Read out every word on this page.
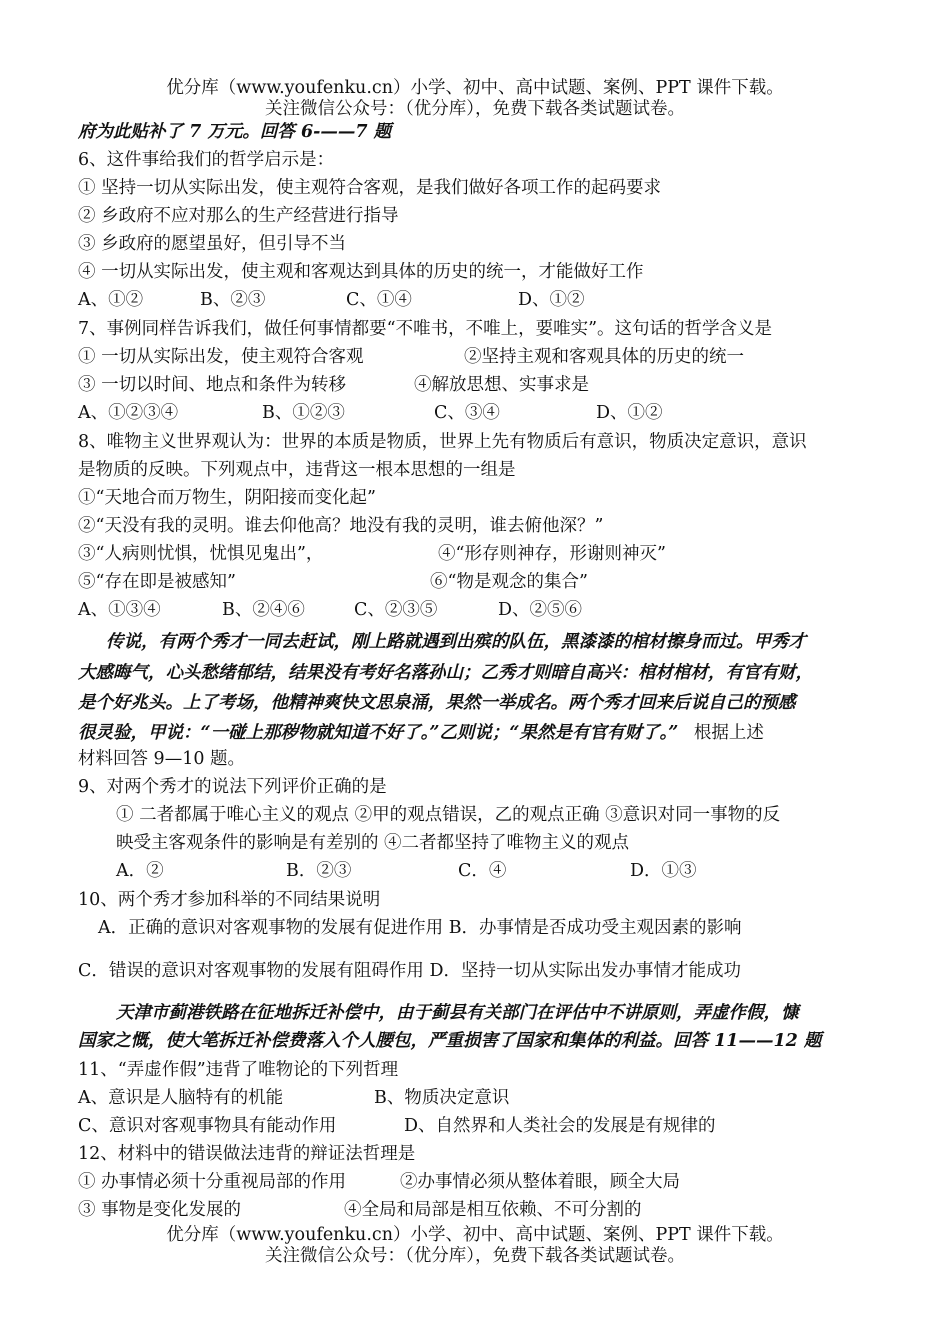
优分库（www.youfenku.cn）小学、初中、高中试题、案例、PPT 课件下载。
关注微信公众号：（优分库），免费下载各类试题试卷。
府为此贴补了 7 万元。回答 6-——7 题
6、这件事给我们的哲学启示是：
① 坚持一切从实际出发，使主观符合客观，是我们做好各项工作的起码要求
② 乡政府不应对那么的生产经营进行指导
③ 乡政府的愿望虽好，但引导不当
④ 一切从实际出发，使主观和客观达到具体的历史的统一，才能做好工作
A、①②	B、②③	C、①④	D、①②
7、事例同样告诉我们，做任何事情都要“不唯书，不唯上，要唯实”。这句话的哲学含义是
① 一切从实际出发，使主观符合客观	②坚持主观和客观具体的历史的统一
③ 一切以时间、地点和条件为转移	④解放思想、实事求是
A、①②③④	B、①②③	C、③④	D、①②
8、唯物主义世界观认为：世界的本质是物质，世界上先有物质后有意识，物质决定意识，意识
是物质的反映。下列观点中，违背这一根本思想的一组是
①“天地合而万物生，阴阳接而变化起”
②“天没有我的灵明。谁去仰他高？地没有我的灵明，谁去俯他深？”
③“人病则忧惧，忧惧见鬼出”，	④“形存则神存，形谢则神灭”
⑤“存在即是被感知”	⑥“物是观念的集合”
A、①③④	B、②④⑥	C、②③⑤	D、②⑤⑥
传说，有两个秀才一同去赶试，刚上路就遇到出殡的队伍，黑漆漆的棺材擦身而过。甲秀才
大感晦气，心头愁绪郁结，结果没有考好名落孙山；乙秀才则暗自高兴：棺材棺材，有官有财，
是个好兆头。上了考场，他精神爽快文思泉涌，果然一举成名。两个秀才回来后说自己的预感
很灵验，甲说：“一碰上那秽物就知道不好了。”乙则说；“果然是有官有财了。” 根据上述
材料回答 9—10 题。
9、对两个秀才的说法下列评价正确的是
① 二者都属于唯心主义的观点 ②甲的观点错误，乙的观点正确 ③意识对同一事物的反
映受主客观条件的影响是有差别的 ④二者都坚持了唯物主义的观点
A．②	B．②③	C．④	D．①③
10、两个秀才参加科举的不同结果说明
A．正确的意识对客观事物的发展有促进作用 B．办事情是否成功受主观因素的影响
C．错误的意识对客观事物的发展有阻碍作用 D．坚持一切从实际出发办事情才能成功
天津市蓟港铁路在征地拆迁补偿中，由于蓟县有关部门在评估中不讲原则，弄虚作假，慷
国家之慨，使大笔拆迁补偿费落入个人腰包，严重损害了国家和集体的利益。回答 11——12 题
11、“弄虚作假”违背了唯物论的下列哲理
A、意识是人脑特有的机能	B、物质决定意识
C、意识对客观事物具有能动作用	D、自然界和人类社会的发展是有规律的
12、材料中的错误做法违背的辩证法哲理是
① 办事情必须十分重视局部的作用	②办事情必须从整体着眼，顾全大局
③ 事物是变化发展的	④全局和局部是相互依赖、不可分割的
优分库（www.youfenku.cn）小学、初中、高中试题、案例、PPT 课件下载。
关注微信公众号：（优分库），免费下载各类试题试卷。
